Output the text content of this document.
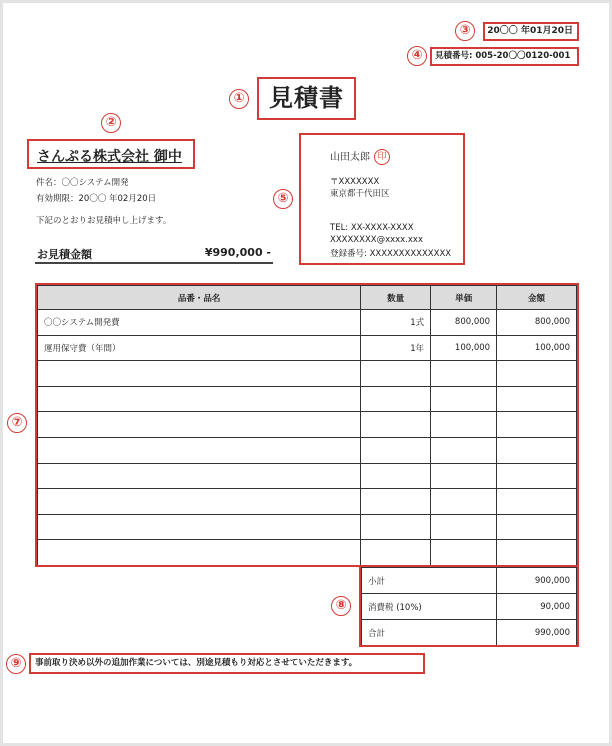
③	20〇〇 年01月20日
④	見積番号: 005-20〇〇0120-001
①	見積書
②
さんぷる株式会社 御中
件名：〇〇システム開発
有効期限：20〇〇 年02月20日
下記のとおりお見積申し上げます。
お見積金額	¥990,000 -
⑤
山田太郎 印
〒XXXXXXX
東京都千代田区
TEL: XX-XXXX-XXXX
XXXXXXXX@xxxx.xxx
登録番号: XXXXXXXXXXXXXX
⑦
品番・品名	数量	単価	金額
〇〇システム開発費	1式	800,000	800,000
運用保守費（年間）	1年	100,000	100,000

⑧
小計	900,000
消費税 (10%)	90,000
合計	990,000
⑨	事前取り決め以外の追加作業については、別途見積もり対応とさせていただきます。
